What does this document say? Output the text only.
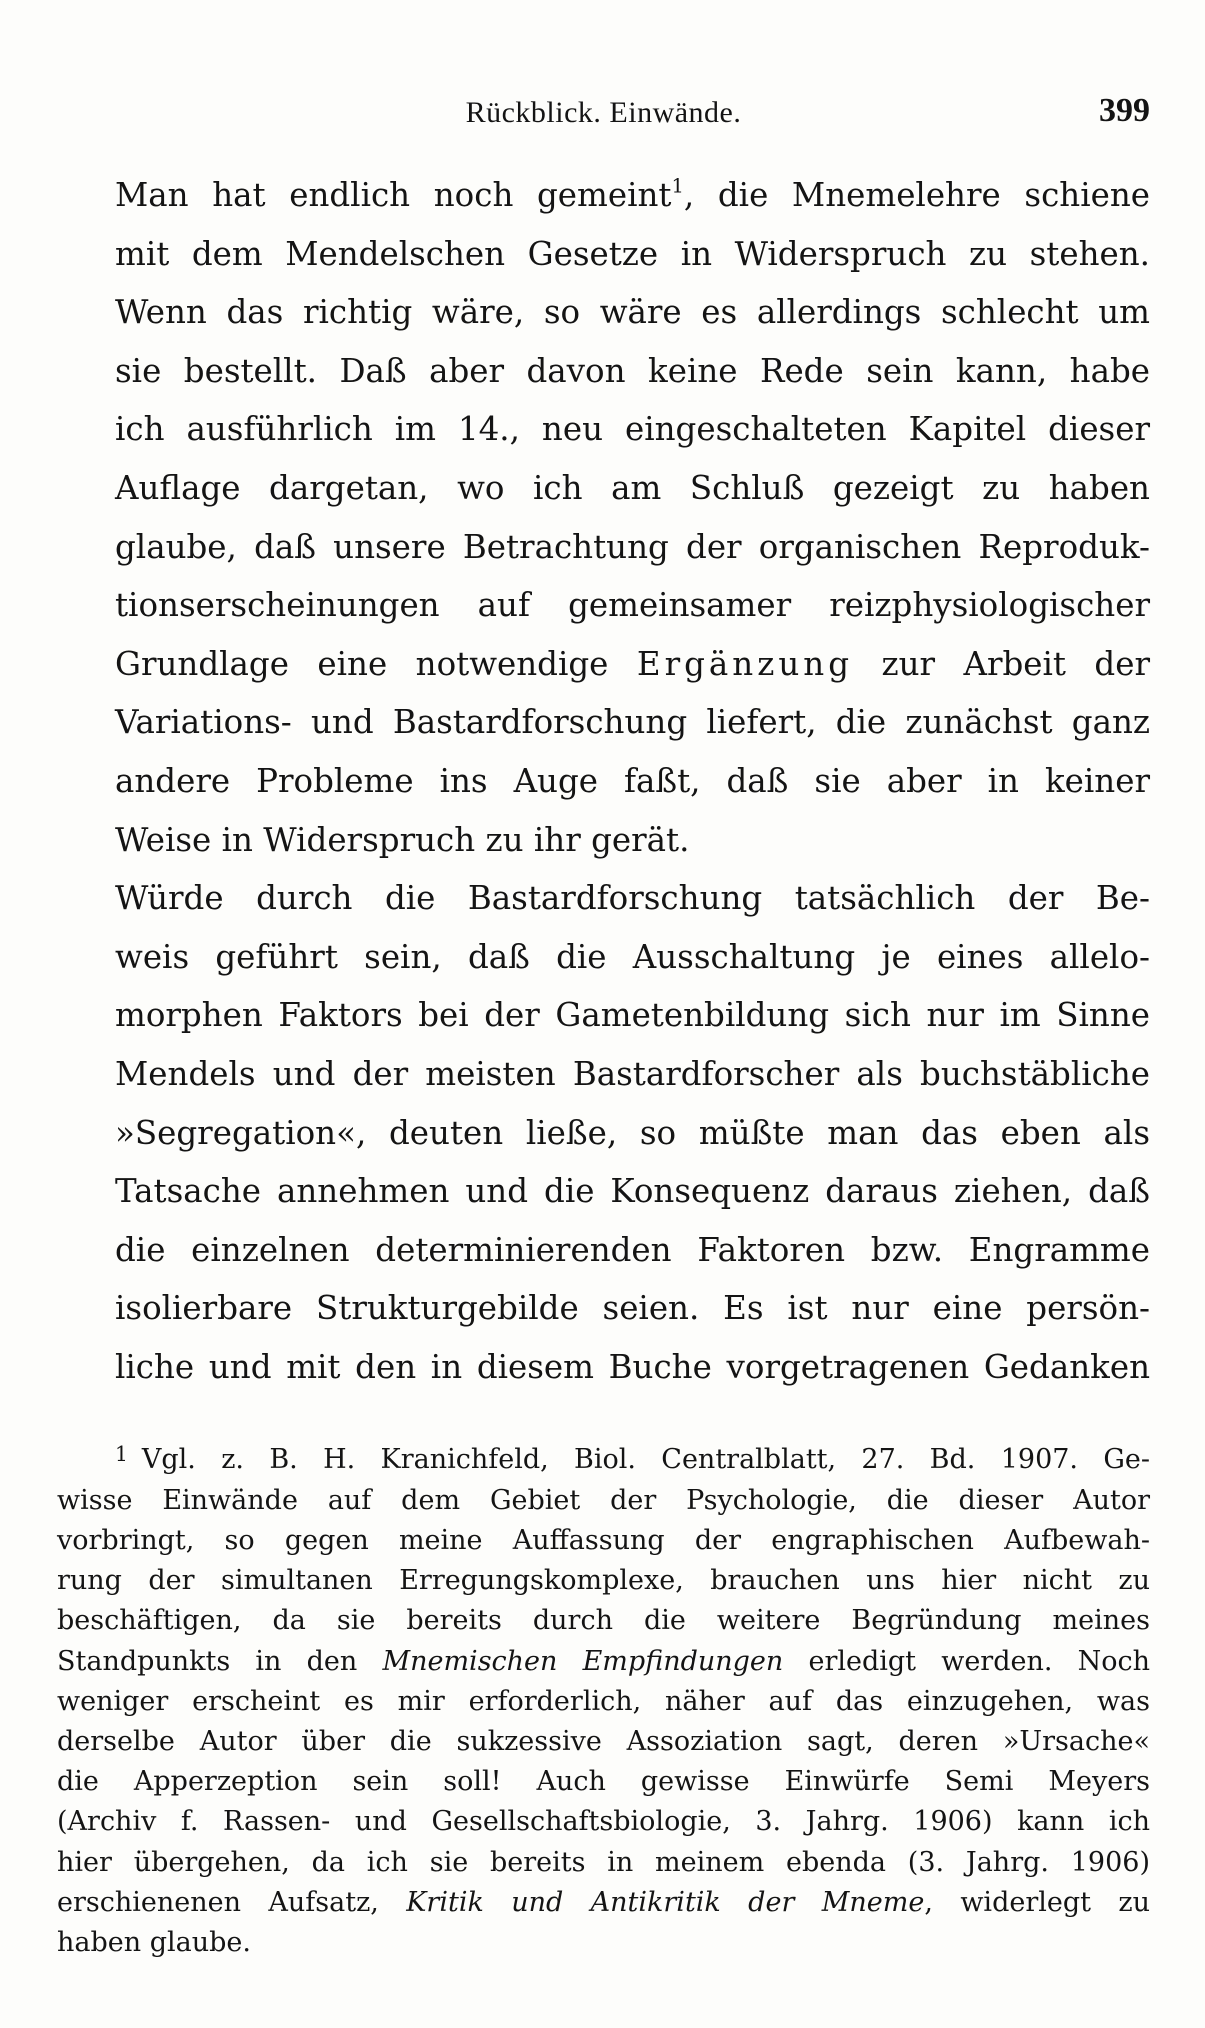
Rückblick. Einwände.	399

Man hat endlich noch gemeint$^1$, die Mnemelehre schiene
mit dem Mendelschen Gesetze in Widerspruch zu stehen.
Wenn das richtig wäre, so wäre es allerdings schlecht um
sie bestellt. Daß aber davon keine Rede sein kann, habe
ich ausführlich im 14., neu eingeschalteten Kapitel dieser
Auflage dargetan, wo ich am Schluß gezeigt zu haben
glaube, daß unsere Betrachtung der organischen Reproduk-
tionserscheinungen auf gemeinsamer reizphysiologischer
Grundlage eine notwendige Ergänzung zur Arbeit der
Variations- und Bastardforschung liefert, die zunächst ganz
andere Probleme ins Auge faßt, daß sie aber in keiner
Weise in Widerspruch zu ihr gerät.

Würde durch die Bastardforschung tatsächlich der Be-
weis geführt sein, daß die Ausschaltung je eines allelo-
morphen Faktors bei der Gametenbildung sich nur im Sinne
Mendels und der meisten Bastardforscher als buchstäbliche
»Segregation«, deuten ließe, so müßte man das eben als
Tatsache annehmen und die Konsequenz daraus ziehen, daß
die einzelnen determinierenden Faktoren bzw. Engramme
isolierbare Strukturgebilde seien. Es ist nur eine persön-
liche und mit den in diesem Buche vorgetragenen Gedanken

$^1$ Vgl. z. B. H. Kranichfeld, Biol. Centralblatt, 27. Bd. 1907. Ge-
wisse Einwände auf dem Gebiet der Psychologie, die dieser Autor
vorbringt, so gegen meine Auffassung der engraphischen Aufbewah-
rung der simultanen Erregungskomplexe, brauchen uns hier nicht zu
beschäftigen, da sie bereits durch die weitere Begründung meines
Standpunkts in den Mnemischen Empfindungen erledigt werden. Noch
weniger erscheint es mir erforderlich, näher auf das einzugehen, was
derselbe Autor über die sukzessive Assoziation sagt, deren »Ursache«
die Apperzeption sein soll! Auch gewisse Einwürfe Semi Meyers
(Archiv f. Rassen- und Gesellschaftsbiologie, 3. Jahrg. 1906) kann ich
hier übergehen, da ich sie bereits in meinem ebenda (3. Jahrg. 1906)
erschienenen Aufsatz, Kritik und Antikritik der Mneme, widerlegt zu
haben glaube.
